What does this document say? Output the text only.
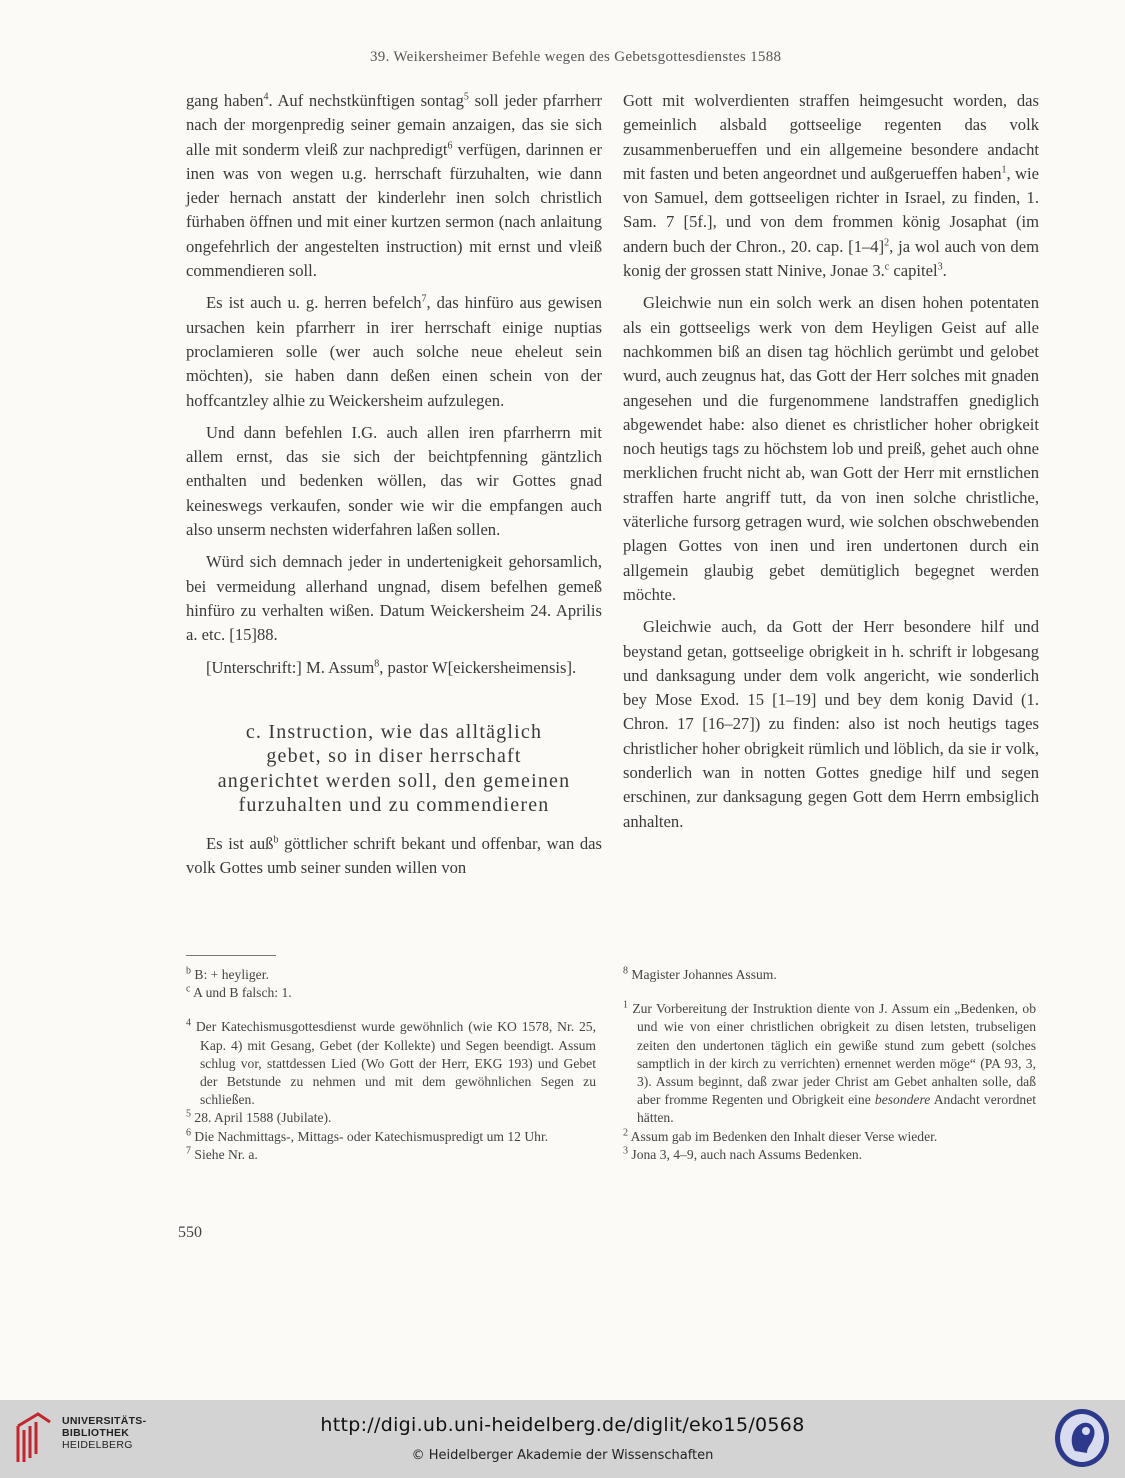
39. Weikersheimer Befehle wegen des Gebetsgottesdienstes 1588

gang haben$^4$. Auf nechstkünftigen sontag$^5$ soll jeder pfarrherr nach der morgenpredig seiner gemain anzaigen, das sie sich alle mit sonderm vleiß zur nachpredigt$^6$ verfügen, darinnen er inen was von wegen u.g. herrschaft fürzuhalten, wie dann jeder hernach anstatt der kinderlehr inen solch christlich fürhaben öffnen und mit einer kurtzen sermon (nach anlaitung ongefehrlich der angestelten instruction) mit ernst und vleiß commendieren soll.

Es ist auch u. g. herren befelch$^7$, das hinfüro aus gewisen ursachen kein pfarrherr in irer herrschaft einige nuptias proclamieren solle (wer auch solche neue eheleut sein möchten), sie haben dann deßen einen schein von der hoffcantzley alhie zu Weickersheim aufzulegen.

Und dann befehlen I.G. auch allen iren pfarrherrn mit allem ernst, das sie sich der beichtpfenning gäntzlich enthalten und bedenken wöllen, das wir Gottes gnad keineswegs verkaufen, sonder wie wir die empfangen auch also unserm nechsten widerfahren laßen sollen.

Würd sich demnach jeder in undertenigkeit gehorsamlich, bei vermeidung allerhand ungnad, disem befelhen gemeß hinfüro zu verhalten wißen. Datum Weickersheim 24. Aprilis a. etc. [15]88.

[Unterschrift:] M. Assum$^8$, pastor W[eickersheimensis].

c. Instruction, wie das alltäglich
gebet, so in diser herrschaft
angerichtet werden soll, den gemeinen
furzuhalten und zu commendieren

Es ist auß$^b$ göttlicher schrift bekant und offenbar, wan das volk Gottes umb seiner sunden willen von

Gott mit wolverdienten straffen heimgesucht worden, das gemeinlich alsbald gottseelige regenten das volk zusammenberueffen und ein allgemeine besondere andacht mit fasten und beten angeordnet und außgerueffen haben$^1$, wie von Samuel, dem gottseeligen richter in Israel, zu finden, 1. Sam. 7 [5f.], und von dem frommen könig Josaphat (im andern buch der Chron., 20. cap. $[1-4]^2$, ja wol auch von dem konig der grossen statt Ninive, Jonae 3.$^c$ capitel$^3$.

Gleichwie nun ein solch werk an disen hohen potentaten als ein gottseeligs werk von dem Heyligen Geist auf alle nachkommen biß an disen tag höchlich gerümbt und gelobet wurd, auch zeugnus hat, das Gott der Herr solches mit gnaden angesehen und die furgenommene landstraffen gnediglich abgewendet habe: also dienet es christlicher hoher obrigkeit noch heutigs tags zu höchstem lob und preiß, gehet auch ohne merklichen frucht nicht ab, wan Gott der Herr mit ernstlichen straffen harte angriff tutt, da von inen solche christliche, väterliche fursorg getragen wurd, wie solchen obschwebenden plagen Gottes von inen und iren undertonen durch ein allgemein glaubig gebet demütiglich begegnet werden möchte.

Gleichwie auch, da Gott der Herr besondere hilf und beystand getan, gottseelige obrigkeit in h. schrift ir lobgesang und danksagung under dem volk angericht, wie sonderlich bey Mose Exod. 15 [1–19] und bey dem konig David (1. Chron. 17 [16–27]) zu finden: also ist noch heutigs tages christlicher hoher obrigkeit rümlich und löblich, da sie ir volk, sonderlich wan in notten Gottes gnedige hilf und segen erschinen, zur danksagung gegen Gott dem Herrn embsiglich anhalten.

$^b$ B: + heyliger.

$^c$ A und B falsch: 1.

$^4$ Der Katechismusgottesdienst wurde gewöhnlich (wie KO 1578, Nr. 25, Kap. 4) mit Gesang, Gebet (der Kollekte) und Segen beendigt. Assum schlug vor, stattdessen Lied (Wo Gott der Herr, EKG 193) und Gebet der Betstunde zu nehmen und mit dem gewöhnlichen Segen zu schließen.

$^5$ 28. April 1588 (Jubilate).

$^6$ Die Nachmittags-, Mittags- oder Katechismuspredigt um 12 Uhr.

$^7$ Siehe Nr. a.

$^8$ Magister Johannes Assum.

$^1$ Zur Vorbereitung der Instruktion diente von J. Assum ein „Bedenken, ob und wie von einer christlichen obrigkeit zu disen letsten, trubseligen zeiten den undertonen täglich ein gewiße stund zum gebett (solches samptlich in der kirch zu verrichten) ernennet werden möge“ (PA 93, 3, 3). Assum beginnt, daß zwar jeder Christ am Gebet anhalten solle, daß aber fromme Regenten und Obrigkeit eine besondere Andacht verordnet hätten.

$^2$ Assum gab im Bedenken den Inhalt dieser Verse wieder.

$^3$ Jona 3, 4–9, auch nach Assums Bedenken.

550
UNIVERSITÄTS-
BIBLIOTHEK
HEIDELBERG
http://digi.ub.uni-heidelberg.de/diglit/eko15/0568
© Heidelberger Akademie der Wissenschaften
